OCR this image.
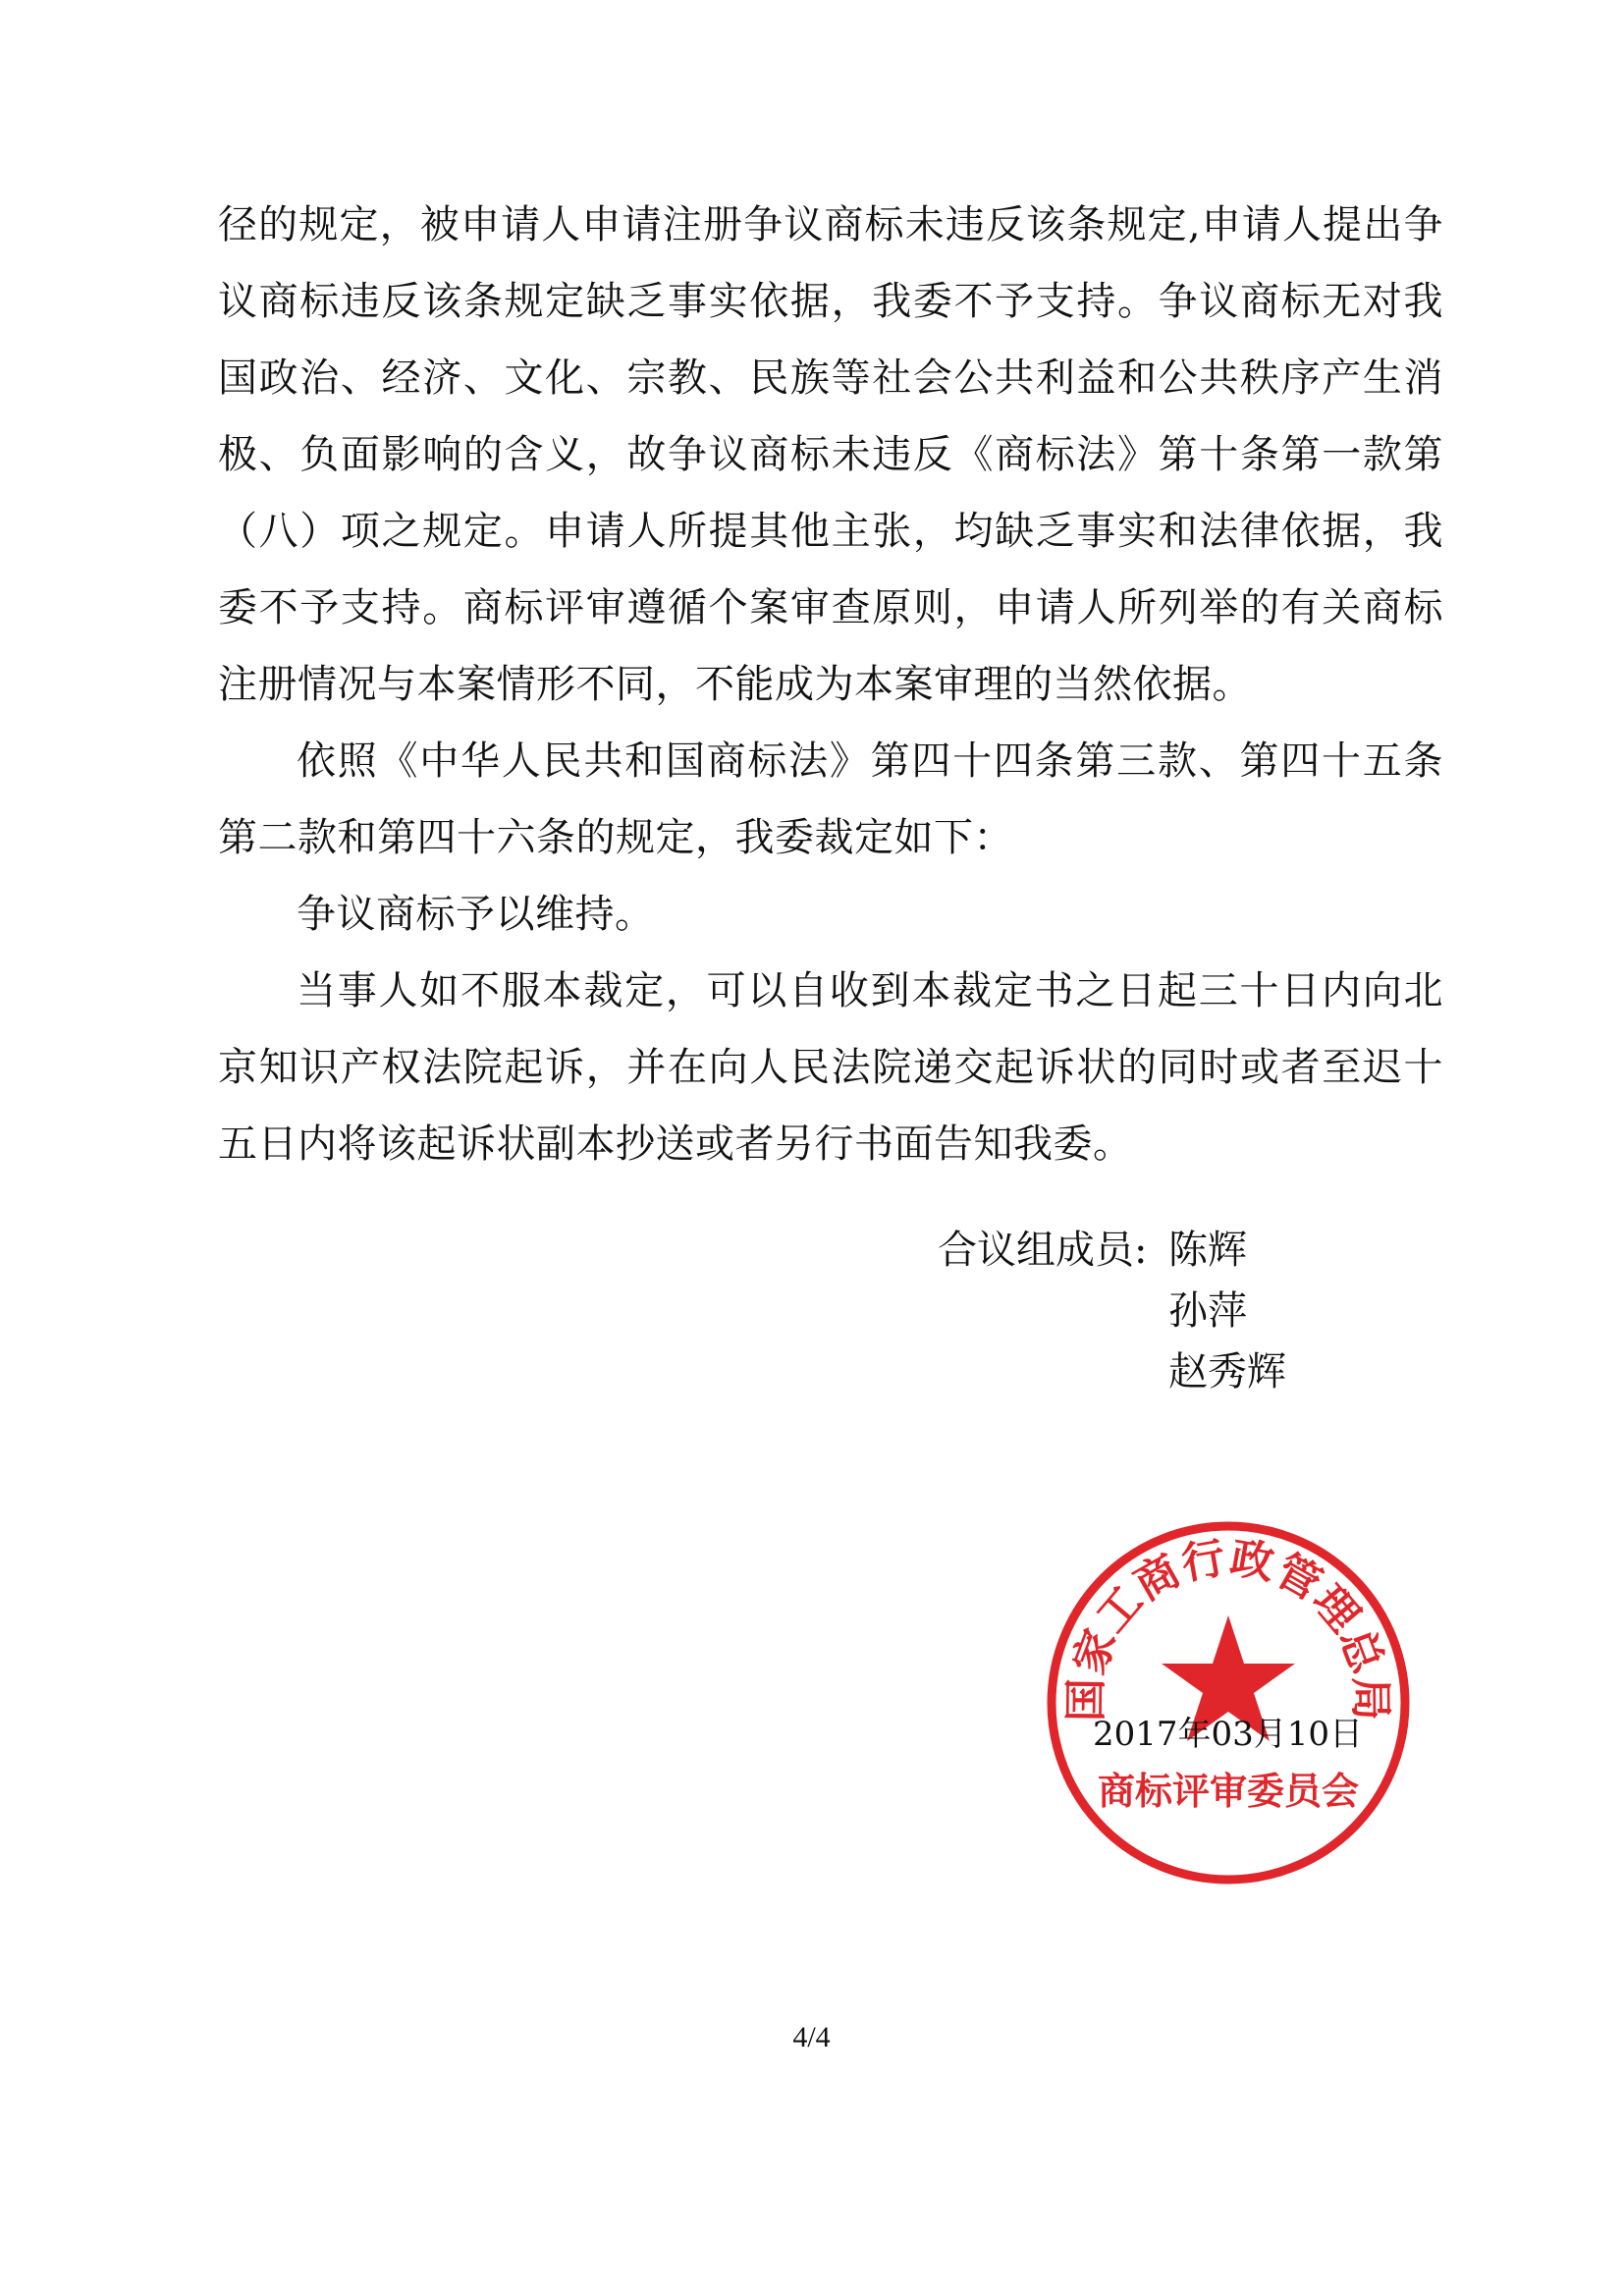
径的规定，被申请人申请注册争议商标未违反该条规定,申请人提出争议商标违反该条规定缺乏事实依据，我委不予支持。争议商标无对我国政治、经济、文化、宗教、民族等社会公共利益和公共秩序产生消极、负面影响的含义，故争议商标未违反《商标法》第十条第一款第（八）项之规定。申请人所提其他主张，均缺乏事实和法律依据，我委不予支持。商标评审遵循个案审查原则，申请人所列举的有关商标注册情况与本案情形不同，不能成为本案审理的当然依据。

依照《中华人民共和国商标法》第四十四条第三款、第四十五条第二款和第四十六条的规定，我委裁定如下：

争议商标予以维持。

当事人如不服本裁定，可以自收到本裁定书之日起三十日内向北京知识产权法院起诉，并在向人民法院递交起诉状的同时或者至迟十五日内将该起诉状副本抄送或者另行书面告知我委。

合议组成员: 陈辉
孙萍
赵秀辉
国家工商行政管理总局
商标评审委员会
2017年03月10日
4/4
